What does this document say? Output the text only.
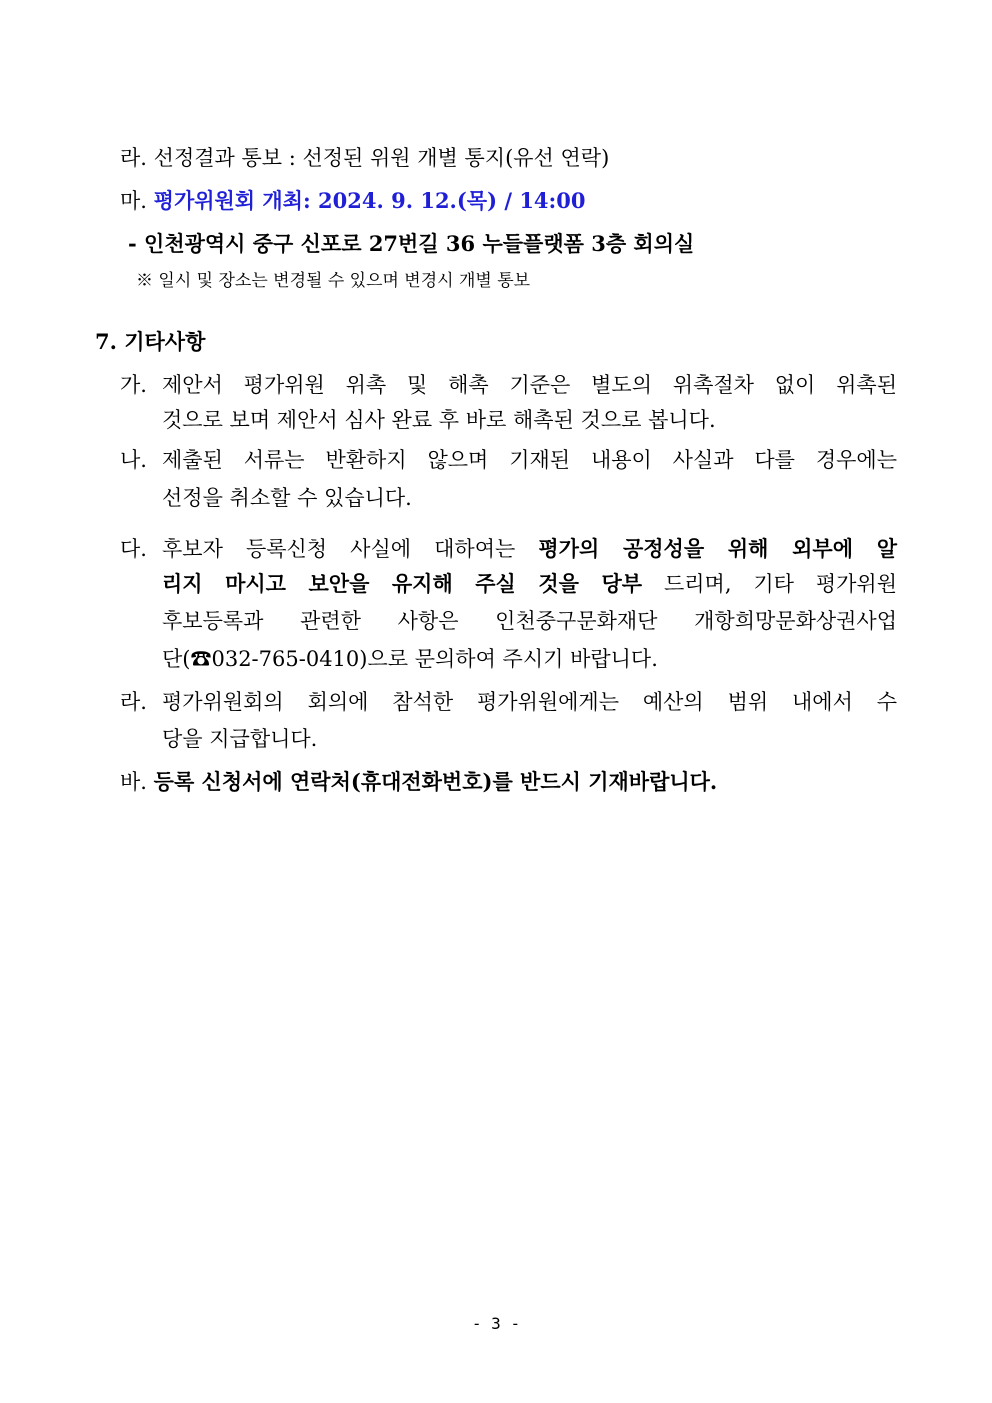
라. 선정결과 통보 : 선정된 위원 개별 통지(유선 연락)
마. 평가위원회 개최: 2024. 9. 12.(목) / 14:00
- 인천광역시 중구 신포로 27번길 36 누들플랫폼 3층 회의실
※ 일시 및 장소는 변경될 수 있으며 변경시 개별 통보
7. 기타사항
가. 제안서 평가위원 위촉 및 해촉 기준은 별도의 위촉절차 없이 위촉된
것으로 보며 제안서 심사 완료 후 바로 해촉된 것으로 봅니다.
나. 제출된 서류는 반환하지 않으며 기재된 내용이 사실과 다를 경우에는
선정을 취소할 수 있습니다.
다. 후보자 등록신청 사실에 대하여는 평가의 공정성을 위해 외부에 알
리지 마시고 보안을 유지해 주실 것을 당부 드리며, 기타 평가위원
후보등록과 관련한 사항은 인천중구문화재단 개항희망문화상권사업
단(☎032-765-0410)으로 문의하여 주시기 바랍니다.
라. 평가위원회의 회의에 참석한 평가위원에게는 예산의 범위 내에서 수
당을 지급합니다.
바. 등록 신청서에 연락처(휴대전화번호)를 반드시 기재바랍니다.
- 3 -
